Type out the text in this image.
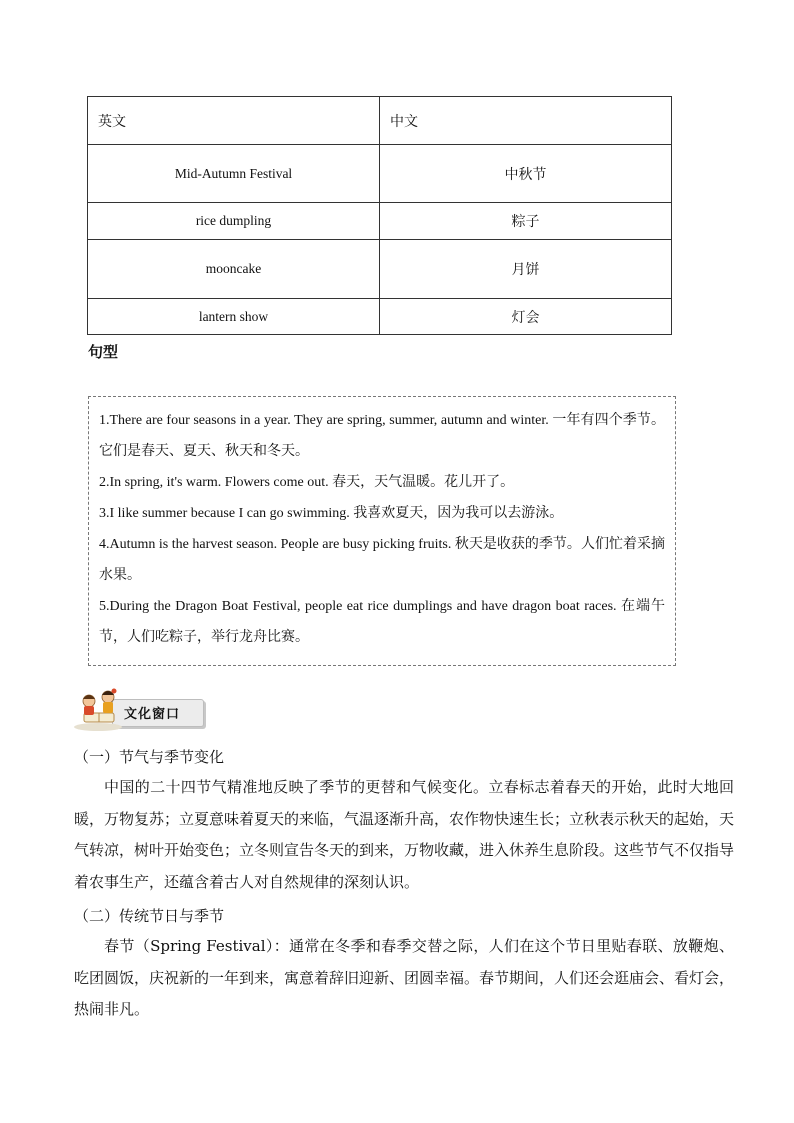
英文	中文
Mid-Autumn Festival	中秋节
rice dumpling	粽子
mooncake	月饼
lantern show	灯会
句型

1.There are four seasons in a year. They are spring, summer, autumn and winter. 一年有四个季节。它们是春天、夏天、秋天和冬天。

2.In spring, it's warm. Flowers come out. 春天，天气温暖。花儿开了。

3.I like summer because I can go swimming. 我喜欢夏天，因为我可以去游泳。

4.Autumn is the harvest season. People are busy picking fruits. 秋天是收获的季节。人们忙着采摘水果。

5.During the Dragon Boat Festival, people eat rice dumplings and have dragon boat races. 在端午节，人们吃粽子，举行龙舟比赛。

文化窗口
（一）节气与季节变化

中国的二十四节气精准地反映了季节的更替和气候变化。立春标志着春天的开始，此时大地回暖，万物复苏；立夏意味着夏天的来临，气温逐渐升高，农作物快速生长；立秋表示秋天的起始，天气转凉，树叶开始变色；立冬则宣告冬天的到来，万物收藏，进入休养生息阶段。这些节气不仅指导着农事生产，还蕴含着古人对自然规律的深刻认识。

（二）传统节日与季节

春节（Spring Festival）：通常在冬季和春季交替之际，人们在这个节日里贴春联、放鞭炮、吃团圆饭，庆祝新的一年到来，寓意着辞旧迎新、团圆幸福。春节期间，人们还会逛庙会、看灯会，热闹非凡。
